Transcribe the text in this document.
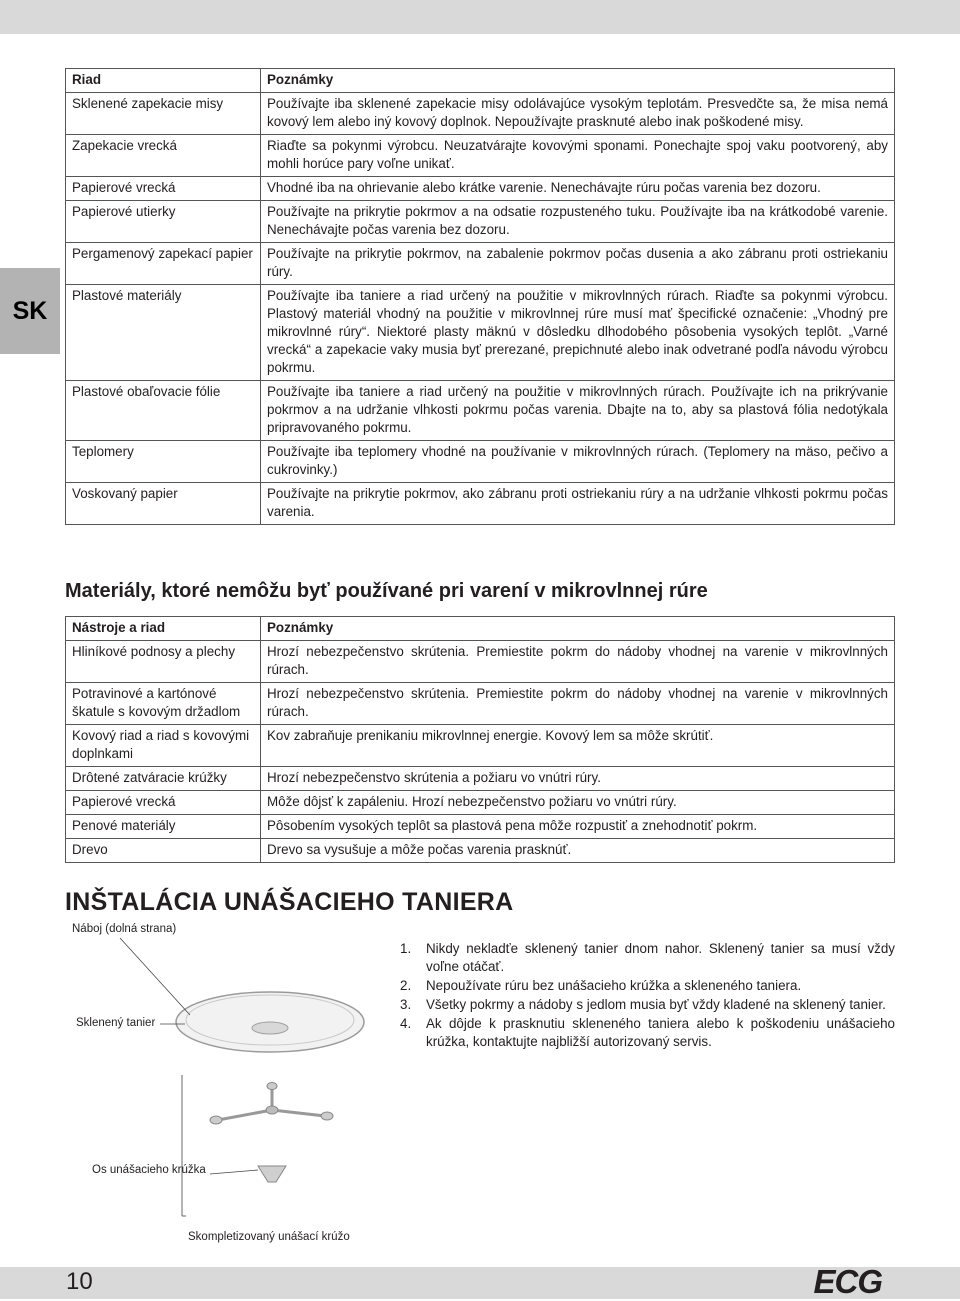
SK
Riad	Poznámky
Sklenené zapekacie misy	Používajte iba sklenené zapekacie misy odolávajúce vysokým teplotám. Presvedčte sa, že misa nemá kovový lem alebo iný kovový doplnok. Nepoužívajte prasknuté alebo inak poškodené misy.
Zapekacie vrecká	Riaďte sa pokynmi výrobcu. Neuzatvárajte kovovými sponami. Ponechajte spoj vaku pootvorený, aby mohli horúce pary voľne unikať.
Papierové vrecká	Vhodné iba na ohrievanie alebo krátke varenie. Nenechávajte rúru počas varenia bez dozoru.
Papierové utierky	Používajte na prikrytie pokrmov a na odsatie rozpusteného tuku. Používajte iba na krátkodobé varenie. Nenechávajte počas varenia bez dozoru.
Pergamenový zapekací papier	Používajte na prikrytie pokrmov, na zabalenie pokrmov počas dusenia a ako zábranu proti ostriekaniu rúry.
Plastové materiály	Používajte iba taniere a riad určený na použitie v mikrovlnných rúrach. Riaďte sa pokynmi výrobcu. Plastový materiál vhodný na použitie v mikrovlnnej rúre musí mať špecifické označenie: „Vhodný pre mikrovlnné rúry“. Niektoré plasty mäknú v dôsledku dlhodobého pôsobenia vysokých teplôt. „Varné vrecká“ a zapekacie vaky musia byť prerezané, prepichnuté alebo inak odvetrané podľa návodu výrobcu pokrmu.
Plastové obaľovacie fólie	Používajte iba taniere a riad určený na použitie v mikrovlnných rúrach. Používajte ich na prikrývanie pokrmov a na udržanie vlhkosti pokrmu počas varenia. Dbajte na to, aby sa plastová fólia nedotýkala pripravovaného pokrmu.
Teplomery	Používajte iba teplomery vhodné na používanie v mikrovlnných rúrach. (Teplomery na mäso, pečivo a cukrovinky.)
Voskovaný papier	Používajte na prikrytie pokrmov, ako zábranu proti ostriekaniu rúry a na udržanie vlhkosti pokrmu počas varenia.
Materiály, ktoré nemôžu byť používané pri varení v mikrovlnnej rúre
Nástroje a riad	Poznámky
Hliníkové podnosy a plechy	Hrozí nebezpečenstvo skrútenia. Premiestite pokrm do nádoby vhodnej na varenie v mikrovlnných rúrach.
Potravinové a kartónové škatule s kovovým držadlom	Hrozí nebezpečenstvo skrútenia. Premiestite pokrm do nádoby vhodnej na varenie v mikrovlnných rúrach.
Kovový riad a riad s kovovými doplnkami	Kov zabraňuje prenikaniu mikrovlnnej energie. Kovový lem sa môže skrútiť.
Drôtené zatváracie krúžky	Hrozí nebezpečenstvo skrútenia a požiaru vo vnútri rúry.
Papierové vrecká	Môže dôjsť k zapáleniu. Hrozí nebezpečenstvo požiaru vo vnútri rúry.
Penové materiály	Pôsobením vysokých teplôt sa plastová pena môže rozpustiť a znehodnotiť pokrm.
Drevo	Drevo sa vysušuje a môže počas varenia prasknúť.
INŠTALÁCIA UNÁŠACIEHO TANIERA
Náboj (dolná strana)
Sklenený tanier
Os unášacieho krúžka
Skompletizovaný unášací krúžo
1.	Nikdy nekladťe sklenený tanier dnom nahor. Sklenený tanier sa musí vždy voľne otáčať.
2.	Nepoužívate rúru bez unášacieho krúžka a skleneného taniera.
3.	Všetky pokrmy a nádoby s jedlom musia byť vždy kladené na sklenený tanier.
4.	Ak dôjde k prasknutiu skleneného taniera alebo k poškodeniu unášacieho krúžka, kontaktujte najbližší autorizovaný servis.
10	ECG
